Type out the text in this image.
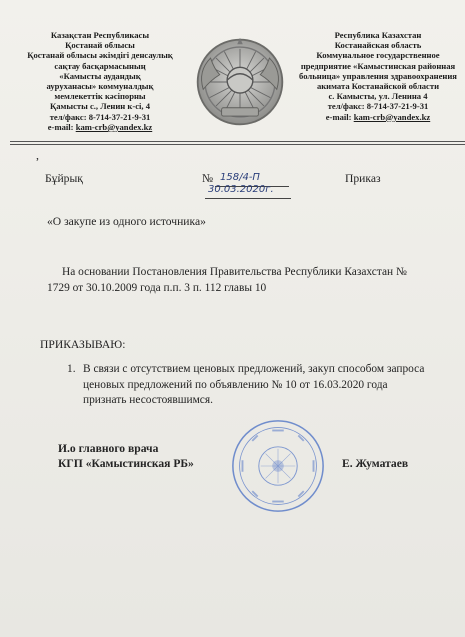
Казақстан Республикасы
Қостанай облысы
Қостанай облысы әкімдігі денсаулық
сақтау басқармасының
«Камысты аудандық
ауруханасы» коммуналдық
мемлекеттік кәсіпорны
Қамысты с., Ленин к-сі, 4
тел/факс: 8-714-37-21-9-31
e-mail: kam-crb@yandex.kz
Республика Казахстан
Костанайская область
Коммунальное государственное
предприятие «Камыстинская районная
больница» управления здравоохранения
акимата Костанайской области
с. Камысты, ул. Ленина 4
тел/факс: 8-714-37-21-9-31
e-mail: kam-crb@yandex.kz
,
Бұйрық	№ 158/4-П
30.03.2020г.
Приказ
«О закупе из одного источника»
На основании Постановления Правительства Республики Казахстан №
1729 от 30.10.2009 года п.п. 3 п. 112 главы 10
ПРИКАЗЫВАЮ:
1. В связи с отсутствием ценовых предложений, закуп способом запроса
ценовых предложений по объявлению № 10 от 16.03.2020 года
признать несостоявшимся.
И.о главного врача
КГП «Камыстинская РБ»	Е. Жуматаев
